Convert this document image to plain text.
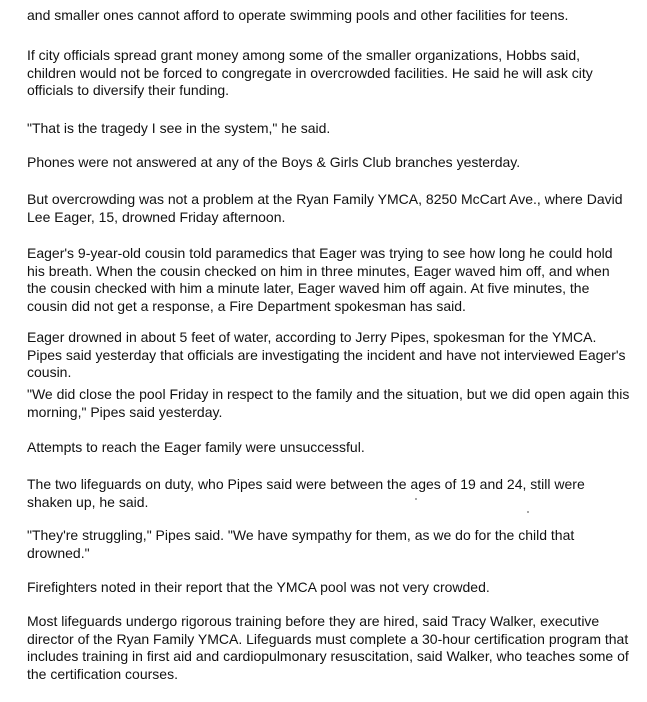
and smaller ones cannot afford to operate swimming pools and other facilities for teens.

If city officials spread grant money among some of the smaller organizations, Hobbs said,
children would not be forced to congregate in overcrowded facilities. He said he will ask city
officials to diversify their funding.

"That is the tragedy I see in the system," he said.

Phones were not answered at any of the Boys & Girls Club branches yesterday.

But overcrowding was not a problem at the Ryan Family YMCA, 8250 McCart Ave., where David
Lee Eager, 15, drowned Friday afternoon.

Eager's 9-year-old cousin told paramedics that Eager was trying to see how long he could hold
his breath. When the cousin checked on him in three minutes, Eager waved him off, and when
the cousin checked with him a minute later, Eager waved him off again. At five minutes, the
cousin did not get a response, a Fire Department spokesman has said.

Eager drowned in about 5 feet of water, according to Jerry Pipes, spokesman for the YMCA.
Pipes said yesterday that officials are investigating the incident and have not interviewed Eager's
cousin.

"We did close the pool Friday in respect to the family and the situation, but we did open again this
morning," Pipes said yesterday.

Attempts to reach the Eager family were unsuccessful.

The two lifeguards on duty, who Pipes said were between the ages of 19 and 24, still were
shaken up, he said.

"They're struggling," Pipes said. "We have sympathy for them, as we do for the child that
drowned."

Firefighters noted in their report that the YMCA pool was not very crowded.

Most lifeguards undergo rigorous training before they are hired, said Tracy Walker, executive
director of the Ryan Family YMCA. Lifeguards must complete a 30-hour certification program that
includes training in first aid and cardiopulmonary resuscitation, said Walker, who teaches some of
the certification courses.
